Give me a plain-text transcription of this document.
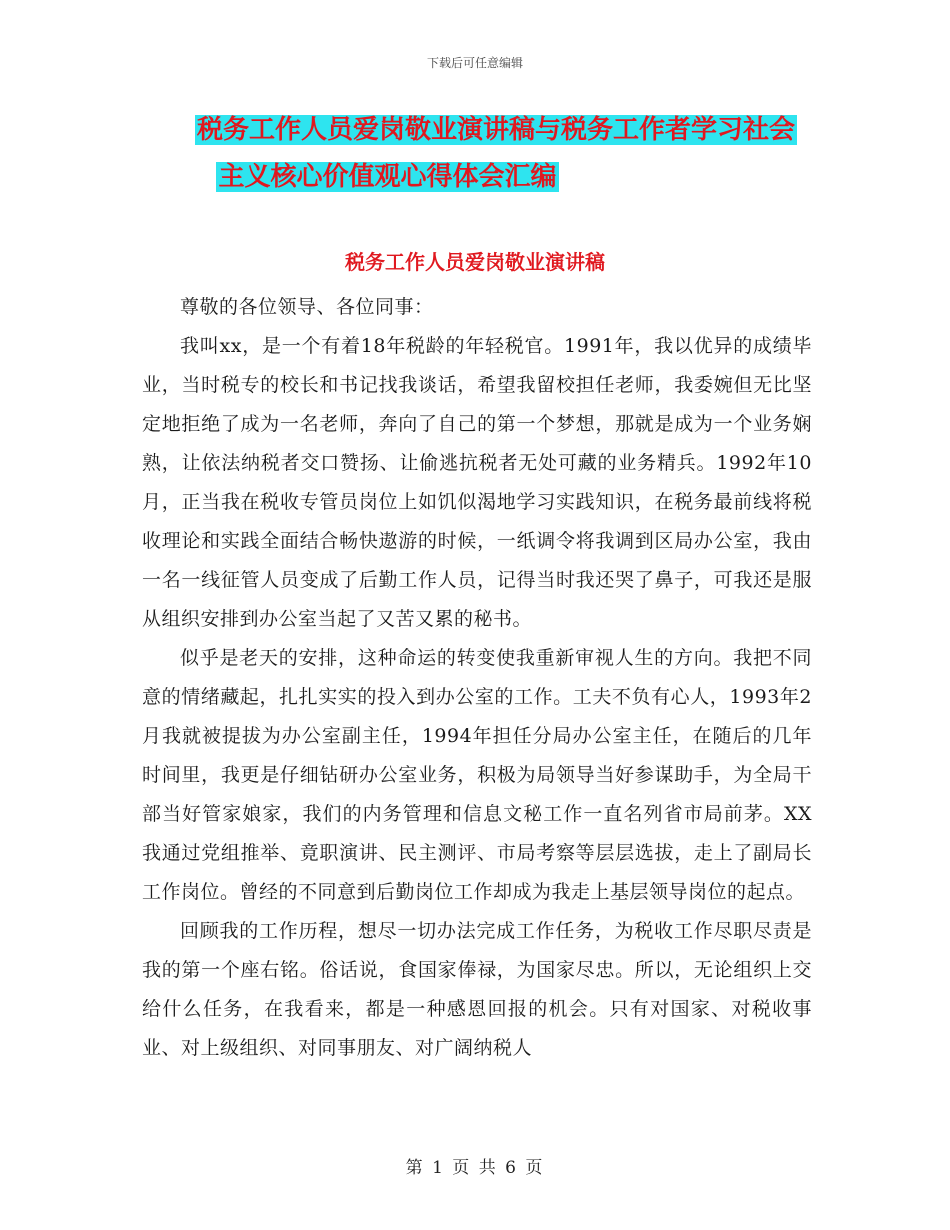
下载后可任意编辑
税务工作人员爱岗敬业演讲稿与税务工作者学习社会
主义核心价值观心得体会汇编
税务工作人员爱岗敬业演讲稿

尊敬的各位领导、各位同事：

我叫xx，是一个有着18年税龄的年轻税官。1991年，我以优异的成绩毕业，当时税专的校长和书记找我谈话，希望我留校担任老师，我委婉但无比坚定地拒绝了成为一名老师，奔向了自己的第一个梦想，那就是成为一个业务娴熟，让依法纳税者交口赞扬、让偷逃抗税者无处可藏的业务精兵。1992年10月，正当我在税收专管员岗位上如饥似渴地学习实践知识，在税务最前线将税收理论和实践全面结合畅快遨游的时候，一纸调令将我调到区局办公室，我由一名一线征管人员变成了后勤工作人员，记得当时我还哭了鼻子，可我还是服从组织安排到办公室当起了又苦又累的秘书。

似乎是老天的安排，这种命运的转变使我重新审视人生的方向。我把不同意的情绪藏起，扎扎实实的投入到办公室的工作。工夫不负有心人，1993年2月我就被提拔为办公室副主任，1994年担任分局办公室主任，在随后的几年时间里，我更是仔细钻研办公室业务，积极为局领导当好参谋助手，为全局干部当好管家娘家，我们的内务管理和信息文秘工作一直名列省市局前茅。XX我通过党组推举、竟职演讲、民主测评、市局考察等层层选拔，走上了副局长工作岗位。曾经的不同意到后勤岗位工作却成为我走上基层领导岗位的起点。

回顾我的工作历程，想尽一切办法完成工作任务，为税收工作尽职尽责是我的第一个座右铭。俗话说，食国家俸禄，为国家尽忠。所以，无论组织上交给什么任务，在我看来，都是一种感恩回报的机会。只有对国家、对税收事业、对上级组织、对同事朋友、对广阔纳税人

第 1 页 共 6 页
